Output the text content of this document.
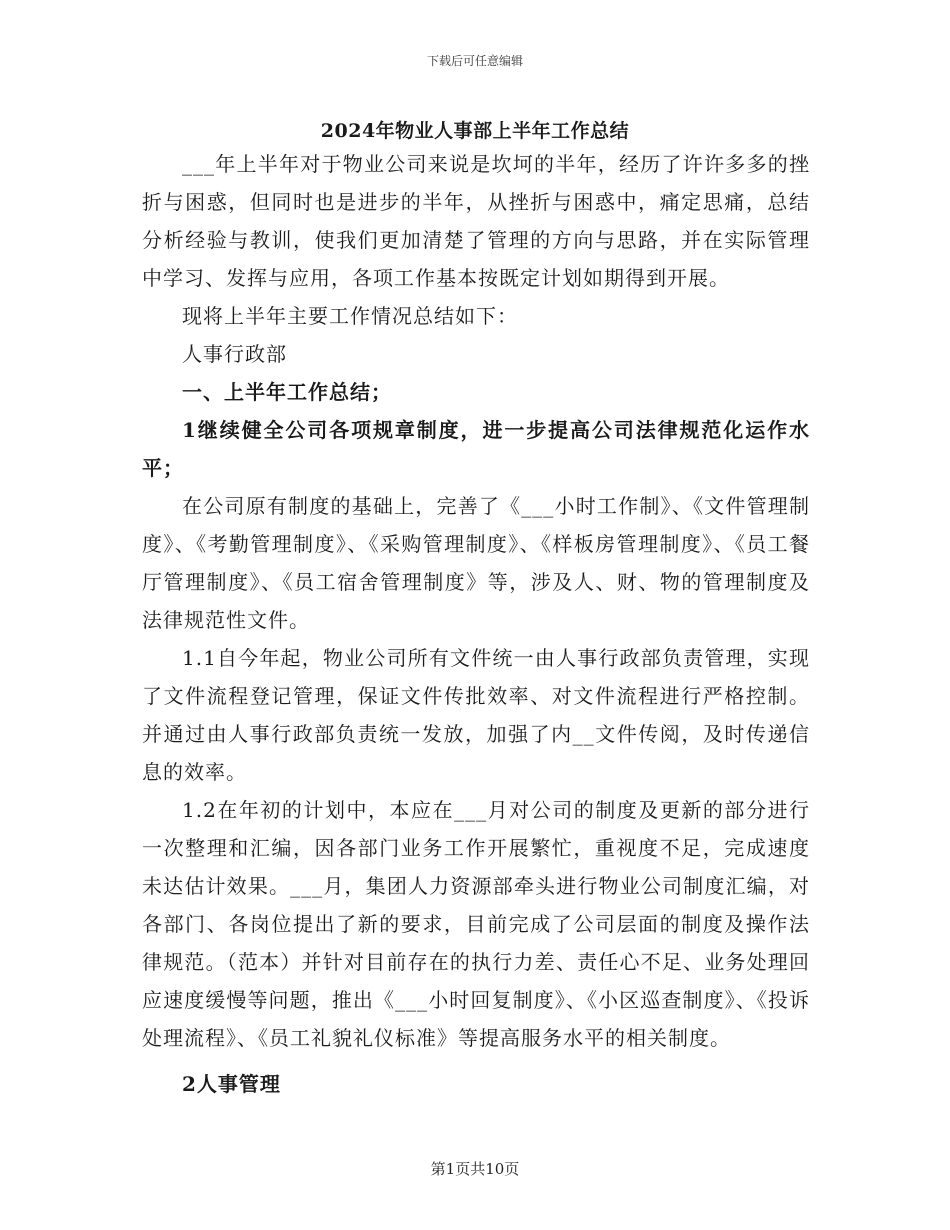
下载后可任意编辑
2024年物业人事部上半年工作总结

___年上半年对于物业公司来说是坎坷的半年，经历了许许多多的挫折与困惑，但同时也是进步的半年，从挫折与困惑中，痛定思痛，总结分析经验与教训，使我们更加清楚了管理的方向与思路，并在实际管理中学习、发挥与应用，各项工作基本按既定计划如期得到开展。

现将上半年主要工作情况总结如下：

人事行政部

一、上半年工作总结；

1继续健全公司各项规章制度，进一步提高公司法律规范化运作水平；

在公司原有制度的基础上，完善了《___小时工作制》、《文件管理制度》、《考勤管理制度》、《采购管理制度》、《样板房管理制度》、《员工餐厅管理制度》、《员工宿舍管理制度》等，涉及人、财、物的管理制度及法律规范性文件。

1.1自今年起，物业公司所有文件统一由人事行政部负责管理，实现了文件流程登记管理，保证文件传批效率、对文件流程进行严格控制。并通过由人事行政部负责统一发放，加强了内__文件传阅，及时传递信息的效率。

1.2在年初的计划中，本应在___月对公司的制度及更新的部分进行一次整理和汇编，因各部门业务工作开展繁忙，重视度不足，完成速度未达估计效果。___月，集团人力资源部牵头进行物业公司制度汇编，对各部门、各岗位提出了新的要求，目前完成了公司层面的制度及操作法律规范。（范本）并针对目前存在的执行力差、责任心不足、业务处理回应速度缓慢等问题，推出《___小时回复制度》、《小区巡查制度》、《投诉处理流程》、《员工礼貌礼仪标准》等提高服务水平的相关制度。

2人事管理

第1页共10页
